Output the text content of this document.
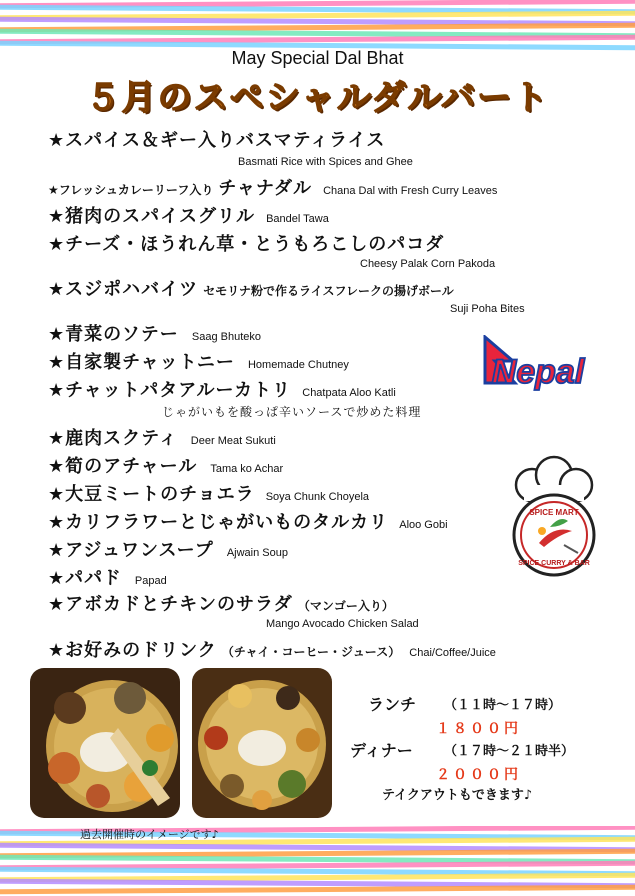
May Special Dal Bhat
５月のスペシャルダルバート
★スパイス＆ギー入りバスマティライス
Basmati Rice with Spices and Ghee
★フレッシュカレーリーフ入り チャナダル Chana Dal with Fresh Curry Leaves
★猪肉のスパイスグリル Bandel Tawa
★チーズ・ほうれん草・とうもろこしのパコダ
Cheesy Palak Corn Pakoda
★スジポハバイツ セモリナ粉で作るライスフレークの揚げボール
Suji Poha Bites
★青菜のソテー Saag Bhuteko
★自家製チャットニー Homemade Chutney
★チャットパタアルーカトリ Chatpata Aloo Katli
じゃがいもを酸っぱ辛いソースで炒めた料理
★鹿肉スクティ Deer Meat Sukuti
★筍のアチャール Tama ko Achar
★大豆ミートのチョエラ Soya Chunk Choyela
★カリフラワーとじゃがいものタルカリ Aloo Gobi
★アジュワンスープ Ajwain Soup
★パパド Papad
★アボカドとチキンのサラダ （マンゴー入り）
Mango Avocado Chicken Salad
★お好みのドリンク （チャイ・コーヒー・ジュース） Chai/Coffee/Juice
Nepal
SPICE MART
SPICE CURRY & BAR
ランチ （１１時～１７時）
１８００円
ディナー （１７時～２１時半）
２０００円
テイクアウトもできます♪
過去開催時のイメージです♪
